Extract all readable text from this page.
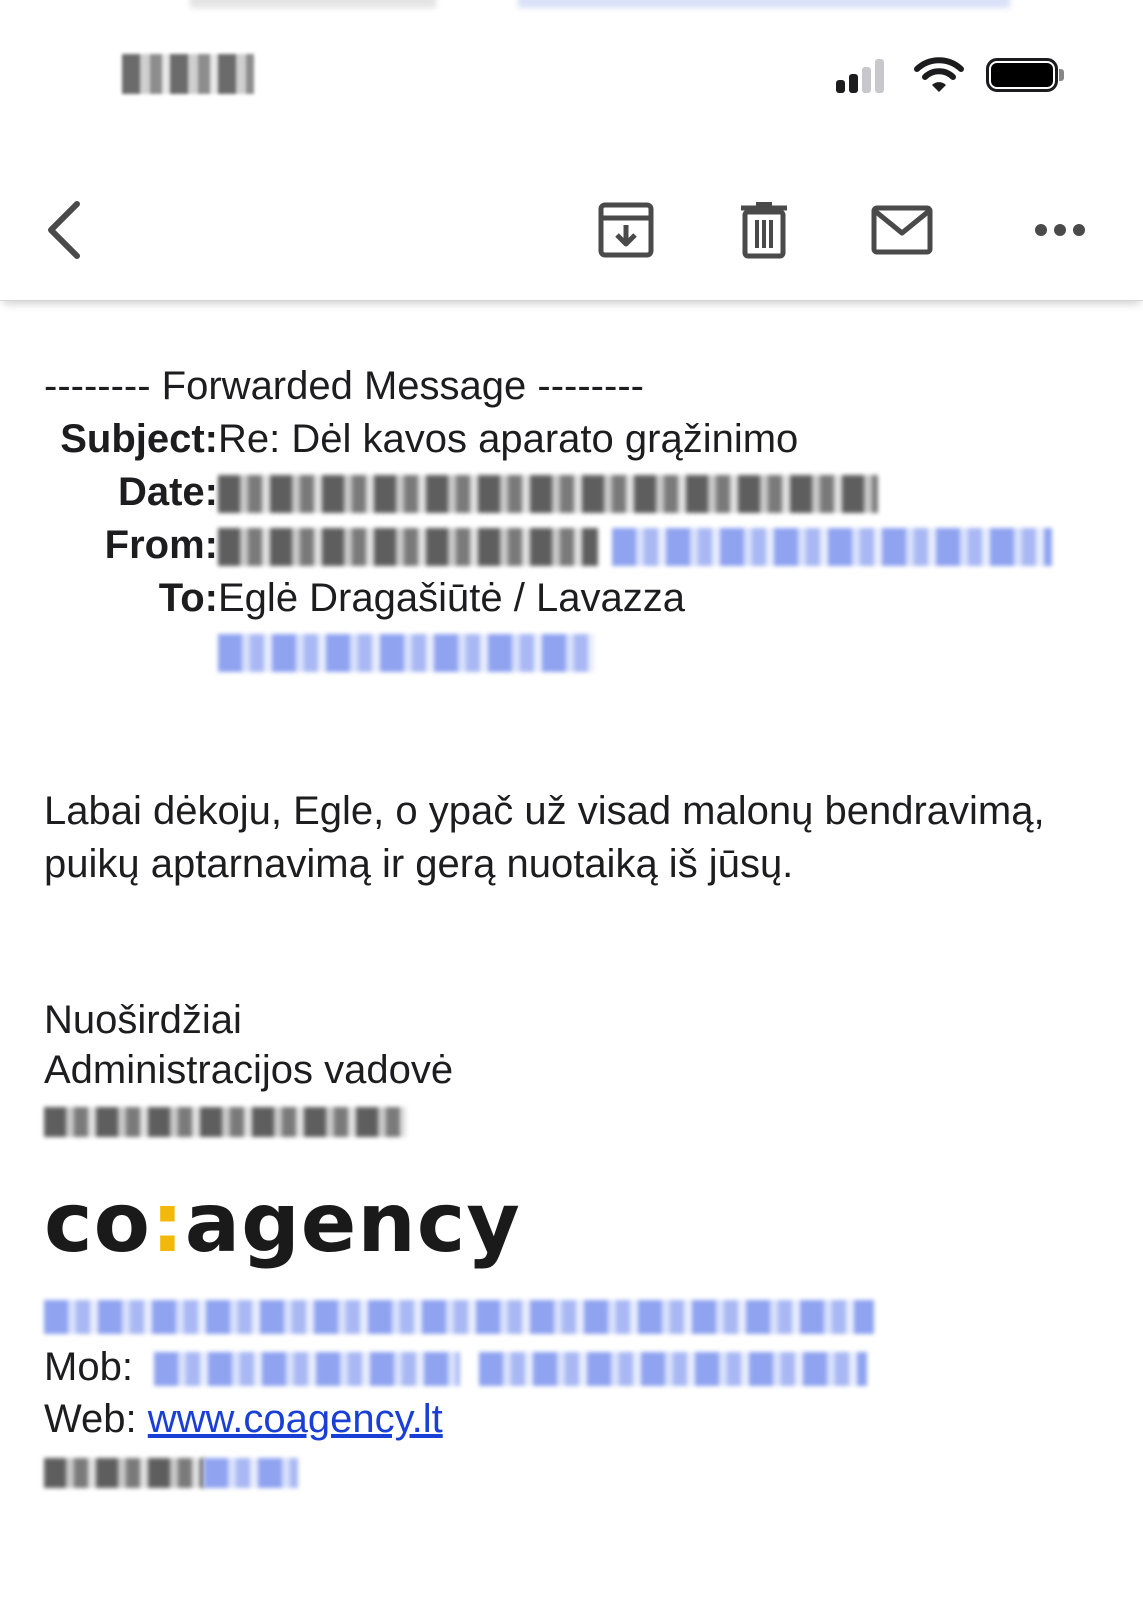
-------- Forwarded Message --------
Subject: Re: Dėl kavos aparato grąžinimo
Date:
From:
To: Eglė Dragašiūtė / Lavazza
Labai dėkoju, Egle, o ypač už visad malonų bendravimą, puikų aptarnavimą ir gerą nuotaiką iš jūsų.
Nuoširdžiai
Administracijos vadovė
co:agency
Mob:
Web: www.coagency.lt
